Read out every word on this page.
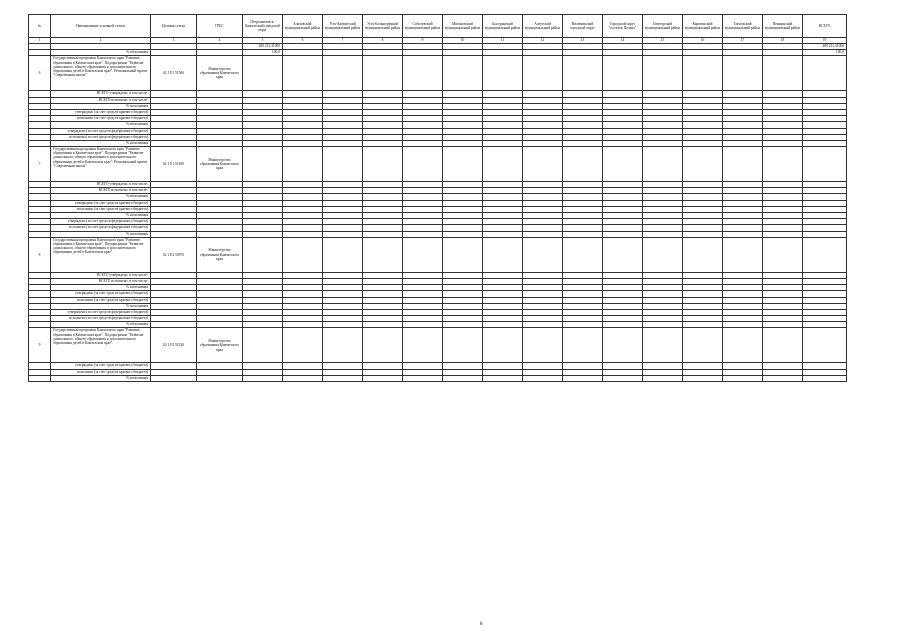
№	Наименование основной статьи	Целевая статья	ГРБС	Петропавловск-Камчатский городской округ	Елизовский муниципальный район	Усть-Камчатский муниципальный район	Усть-Большерецкий муниципальный район	Соболевский муниципальный район	Мильковский муниципальный район	Быстринский муниципальный район	Алеутский муниципальный район	Вилючинский городской округ	Городской округ "поселок Палана"	Олюторский муниципальный район	Карагинский муниципальный район	Тигильский муниципальный район	Пенжинский муниципальный район	ВСЕГО
1	2	3	4	5	6	7	8	9	10	11	12	13	14	15	16	17	18	19
				280 212,41000														280 212,41000
	% исполнения			100,0														100,0
6	Государственная программа Камчатского края "Развитие образования в Камчатском крае". Подпрограмма "Развитие дошкольного, общего образования и дополнительного образования детей в Камчатском крае". Региональный проект "Современная школа"	02 1 Е1 51560	Министерство образования Камчатского края															
	ВСЕГО утверждено, в том числе:																	
	ВСЕГО исполнено, в том числе:																	
	% исполнения																	
	утверждено (за счет средств краевого бюджета)																	
	исполнено (за счет средств краевого бюджета)																	
	% исполнения																	
	утверждено (за счет средств федерального бюджета)																	
	исполнено (за счет средств федерального бюджета)																	
	% исполнения																	
7	Государственная программа Камчатского края "Развитие образования в Камчатском крае". Подпрограмма "Развитие дошкольного, общего образования и дополнительного образования детей в Камчатском крае". Региональный проект "Современная школа".	02 1 Е1 51690	Министерство образования Камчатского края															
	ВСЕГО утверждено, в том числе:																	
	ВСЕГО исполнено, в том числе:																	
	% исполнения																	
	утверждено (за счет средств краевого бюджета)																	
	исполнено (за счет средств краевого бюджета)																	
	% исполнения																	
	утверждено (за счет средств федерального бюджета)																	
	исполнено (за счет средств федерального бюджета)																	
	% исполнения																	
8	Государственная программа Камчатского края "Развитие образования в Камчатском крае". Подпрограмма "Развитие дошкольного, общего образования и дополнительного образования детей в Камчатском крае".	02 1 Е2 50970	Министерство образования Камчатского края															
	ВСЕГО утверждено, в том числе:																	
	ВСЕГО исполнено, в том числе:																	
	% исполнения																	
	утверждено (за счет средств краевого бюджета)																	
	исполнено (за счет средств краевого бюджета)																	
	% исполнения																	
	утверждено (за счет средств федерального бюджета)																	
	исполнено (за счет средств федерального бюджета)																	
	% исполнения																	
9	Государственная программа Камчатского края "Развитие образования в Камчатском крае". Подпрограмма "Развитие дошкольного, общего образования и дополнительного образования детей в Камчатском крае".	02 1 Р2 52320	Министерство образования Камчатского края															
	утверждено (за счет средств краевого бюджета)																	
	исполнено (за счет средств краевого бюджета)																	
	% исполнения																	
8
